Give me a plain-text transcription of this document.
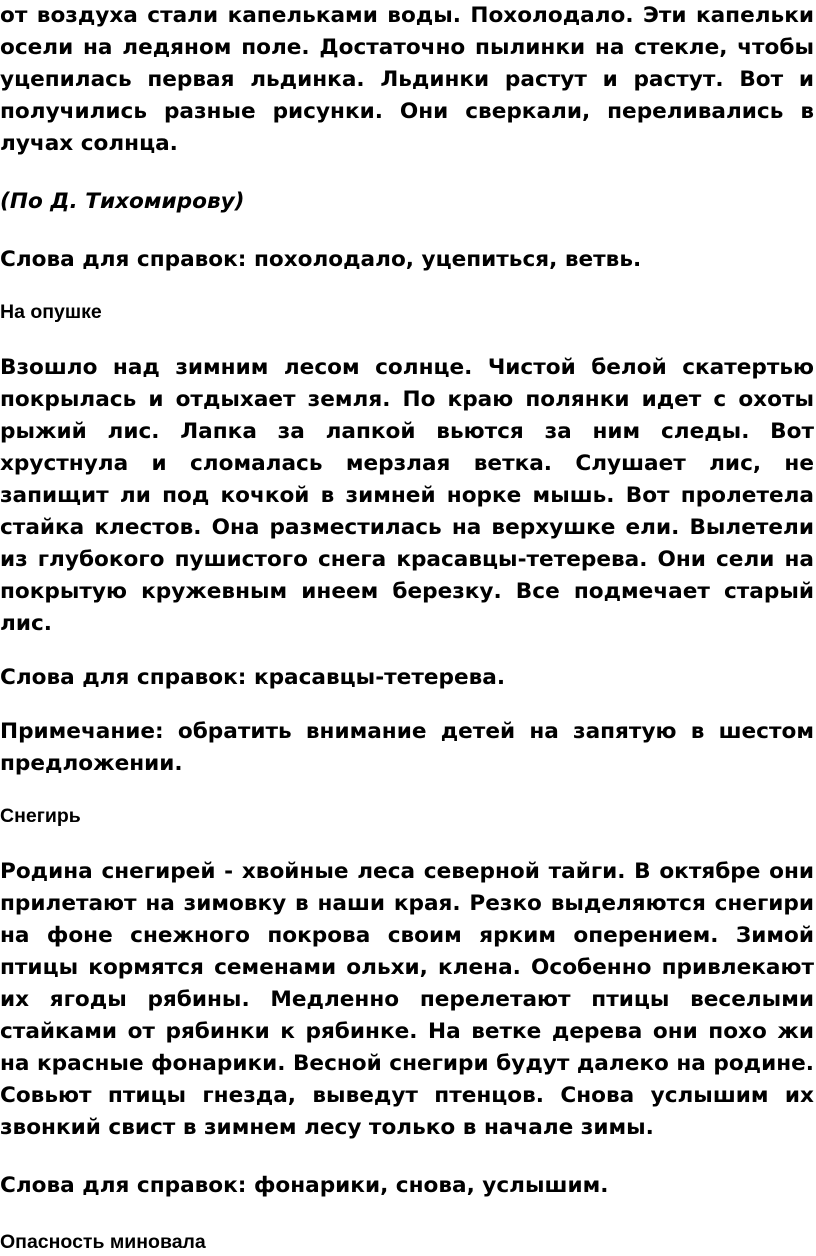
от воздуха стали капельками воды. Похолодало. Эти капельки осели на ледяном поле. Достаточно пылинки на стекле, чтобы уцепилась первая льдинка. Льдинки растут и растут. Вот и получились разные рисунки. Они сверкали, переливались в лучах солнца.

(По Д. Тихомирову)

Слова для справок: похолодало, уцепиться, ветвь.

На опушке

Взошло над зимним лесом солнце. Чистой белой скатертью покрылась и отдыхает земля. По краю полянки идет с охоты рыжий лис. Лапка за лапкой вьются за ним следы. Вот хрустнула и сломалась мерзлая ветка. Слушает лис, не запищит ли под кочкой в зимней норке мышь. Вот пролетела стайка клестов. Она разместилась на верхушке ели. Вылетели из глубокого пушистого снега красавцы-тетерева. Они сели на покрытую кружевным инеем березку. Все подмечает старый лис.

Слова для справок: красавцы-тетерева.

Примечание: обратить внимание детей на запятую в шестом предложении.

Снегирь

Родина снегирей - хвойные леса северной тайги. В октябре они прилетают на зимовку в наши края. Резко выделяются снегири на фоне снежного покрова своим ярким оперением. Зимой птицы кормятся семенами ольхи, клена. Особенно привлекают их ягоды рябины. Медленно перелетают птицы веселыми стайками от рябинки к рябинке. На ветке дерева они похо жи на красные фонарики. Весной снегири будут далеко на родине. Совьют птицы гнезда, выведут птенцов. Снова услышим их звонкий свист в зимнем лесу только в начале зимы.

Слова для справок: фонарики, снова, услышим.

Опасность миновала
